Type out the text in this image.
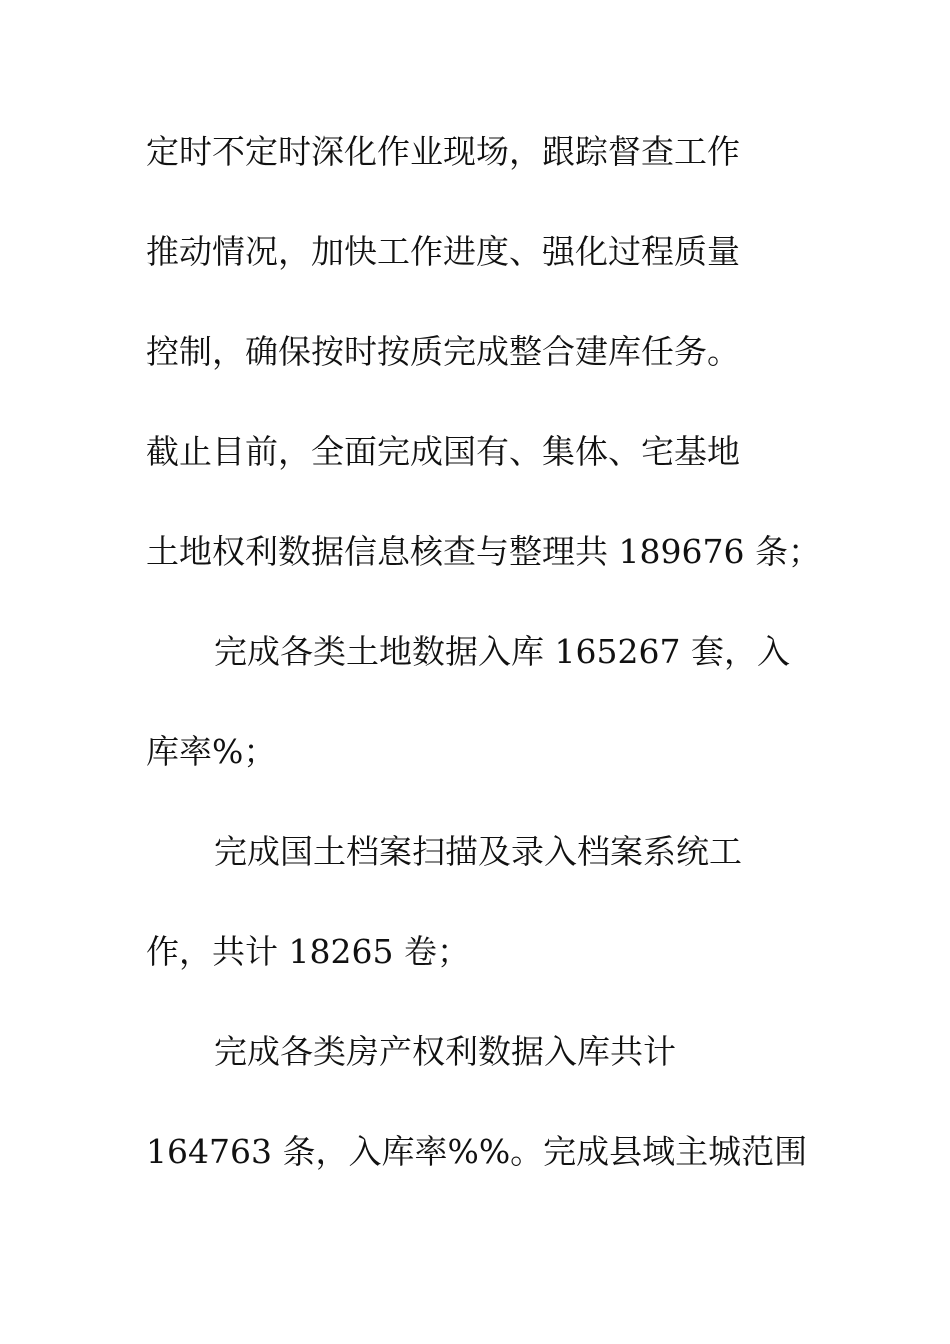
定时不定时深化作业现场，跟踪督查工作
推动情况，加快工作进度、强化过程质量
控制，确保按时按质完成整合建库任务。
截止目前，全面完成国有、集体、宅基地
土地权利数据信息核查与整理共 189676 条；
完成各类土地数据入库 165267 套，入
库率%；
完成国土档案扫描及录入档案系统工
作，共计 18265 卷；
完成各类房产权利数据入库共计
164763 条，入库率%%。完成县域主城范围
